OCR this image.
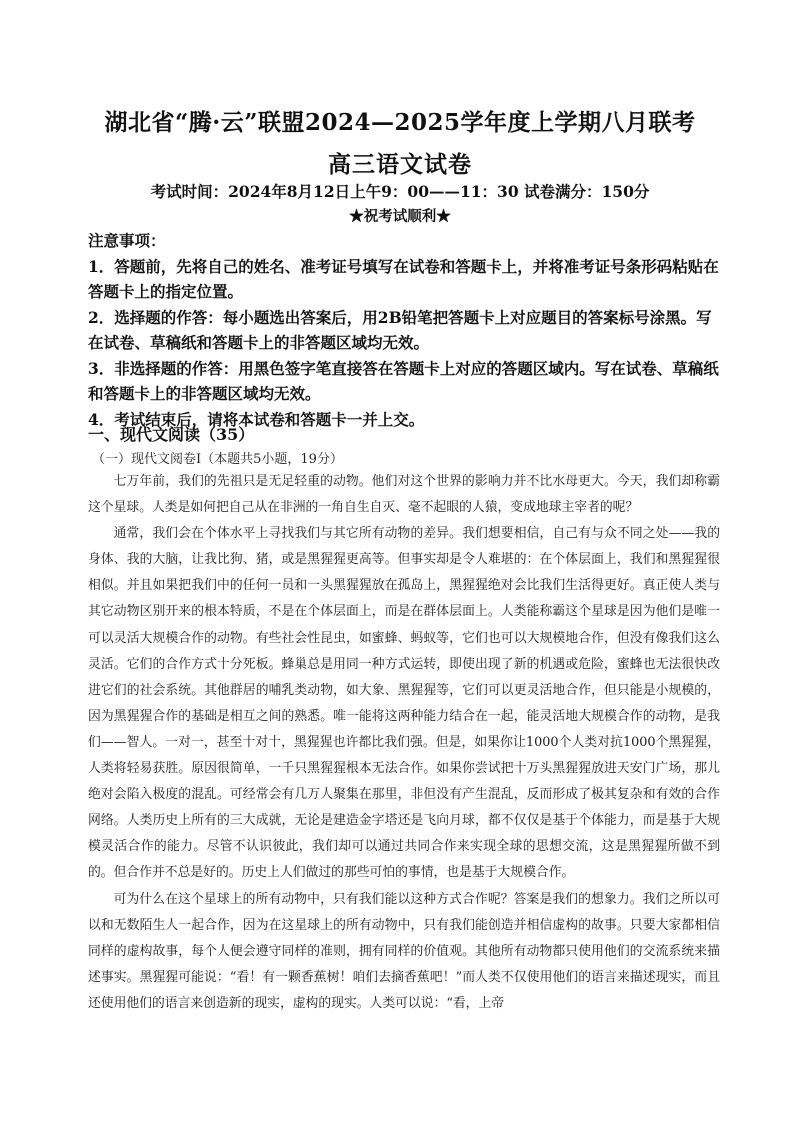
湖北省“腾·云”联盟2024—2025学年度上学期八月联考
高三语文试卷
考试时间：2024年8月12日上午9：00——11：30 试卷满分：150分
★祝考试顺利★

注意事项：

1．答题前，先将自己的姓名、准考证号填写在试卷和答题卡上，并将准考证号条形码粘贴在答题卡上的指定位置。

2．选择题的作答：每小题选出答案后，用2B铅笔把答题卡上对应题目的答案标号涂黑。写在试卷、草稿纸和答题卡上的非答题区域均无效。

3．非选择题的作答：用黑色签字笔直接答在答题卡上对应的答题区域内。写在试卷、草稿纸和答题卡上的非答题区域均无效。

4．考试结束后，请将本试卷和答题卡一并上交。

一、现代文阅读（35）
（一）现代文阅卷Ⅰ（本题共5小题，19分）

七万年前，我们的先祖只是无足轻重的动物。他们对这个世界的影响力并不比水母更大。今天，我们却称霸这个星球。人类是如何把自己从在非洲的一角自生自灭、毫不起眼的人猿，变成地球主宰者的呢？

通常，我们会在个体水平上寻找我们与其它所有动物的差异。我们想要相信，自己有与众不同之处——我的身体、我的大脑，让我比狗、猪，或是黑猩猩更高等。但事实却是令人难堪的：在个体层面上，我们和黑猩猩很相似。并且如果把我们中的任何一员和一头黑猩猩放在孤岛上，黑猩猩绝对会比我们生活得更好。真正使人类与其它动物区别开来的根本特质，不是在个体层面上，而是在群体层面上。人类能称霸这个星球是因为他们是唯一可以灵活大规模合作的动物。有些社会性昆虫，如蜜蜂、蚂蚁等，它们也可以大规模地合作，但没有像我们这么灵活。它们的合作方式十分死板。蜂巢总是用同一种方式运转，即使出现了新的机遇或危险，蜜蜂也无法很快改进它们的社会系统。其他群居的哺乳类动物，如大象、黑猩猩等，它们可以更灵活地合作，但只能是小规模的，因为黑猩猩合作的基础是相互之间的熟悉。唯一能将这两种能力结合在一起，能灵活地大规模合作的动物，是我们——智人。一对一，甚至十对十，黑猩猩也许都比我们强。但是，如果你让1000个人类对抗1000个黑猩猩，人类将轻易获胜。原因很简单，一千只黑猩猩根本无法合作。如果你尝试把十万头黑猩猩放进天安门广场，那儿绝对会陷入极度的混乱。可经常会有几万人聚集在那里，非但没有产生混乱，反而形成了极其复杂和有效的合作网络。人类历史上所有的三大成就，无论是建造金字塔还是飞向月球，都不仅仅是基于个体能力，而是基于大规模灵活合作的能力。尽管不认识彼此，我们却可以通过共同合作来实现全球的思想交流，这是黑猩猩所做不到的。但合作并不总是好的。历史上人们做过的那些可怕的事情，也是基于大规模合作。

可为什么在这个星球上的所有动物中，只有我们能以这种方式合作呢？答案是我们的想象力。我们之所以可以和无数陌生人一起合作，因为在这星球上的所有动物中，只有我们能创造并相信虚构的故事。只要大家都相信同样的虚构故事，每个人便会遵守同样的准则，拥有同样的价值观。其他所有动物都只使用他们的交流系统来描述事实。黑猩猩可能说：“看！有一颗香蕉树！咱们去摘香蕉吧！”而人类不仅使用他们的语言来描述现实，而且还使用他们的语言来创造新的现实，虚构的现实。人类可以说：“看，上帝
